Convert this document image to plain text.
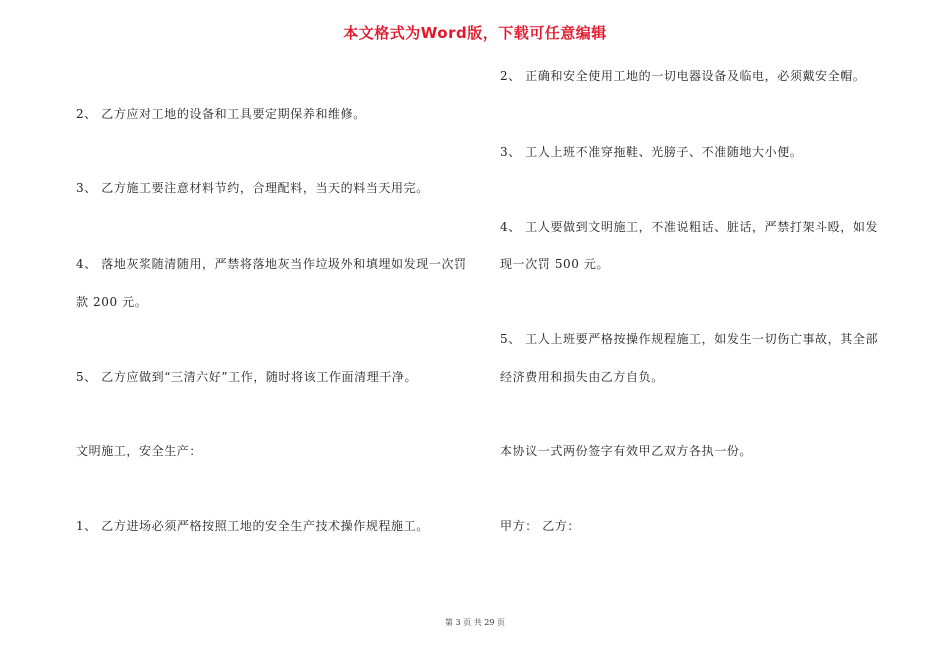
本文格式为Word版，下载可任意编辑
2、 乙方应对工地的设备和工具要定期保养和维修。
3、 乙方施工要注意材料节约，合理配料，当天的料当天用完。
4、 落地灰浆随清随用，严禁将落地灰当作垃圾外和填埋如发现一次罚
款 200 元。
5、 乙方应做到“三清六好”工作，随时将该工作面清理干净。
文明施工，安全生产：
1、 乙方进场必须严格按照工地的安全生产技术操作规程施工。
2、 正确和安全使用工地的一切电器设备及临电，必须戴安全帽。
3、 工人上班不准穿拖鞋、光膀子、不准随地大小便。
4、 工人要做到文明施工，不准说粗话、脏话，严禁打架斗殴，如发
现一次罚 500 元。
5、 工人上班要严格按操作规程施工，如发生一切伤亡事故，其全部
经济费用和损失由乙方自负。
本协议一式两份签字有效甲乙双方各执一份。
甲方： 乙方：
第 3 页 共 29 页
